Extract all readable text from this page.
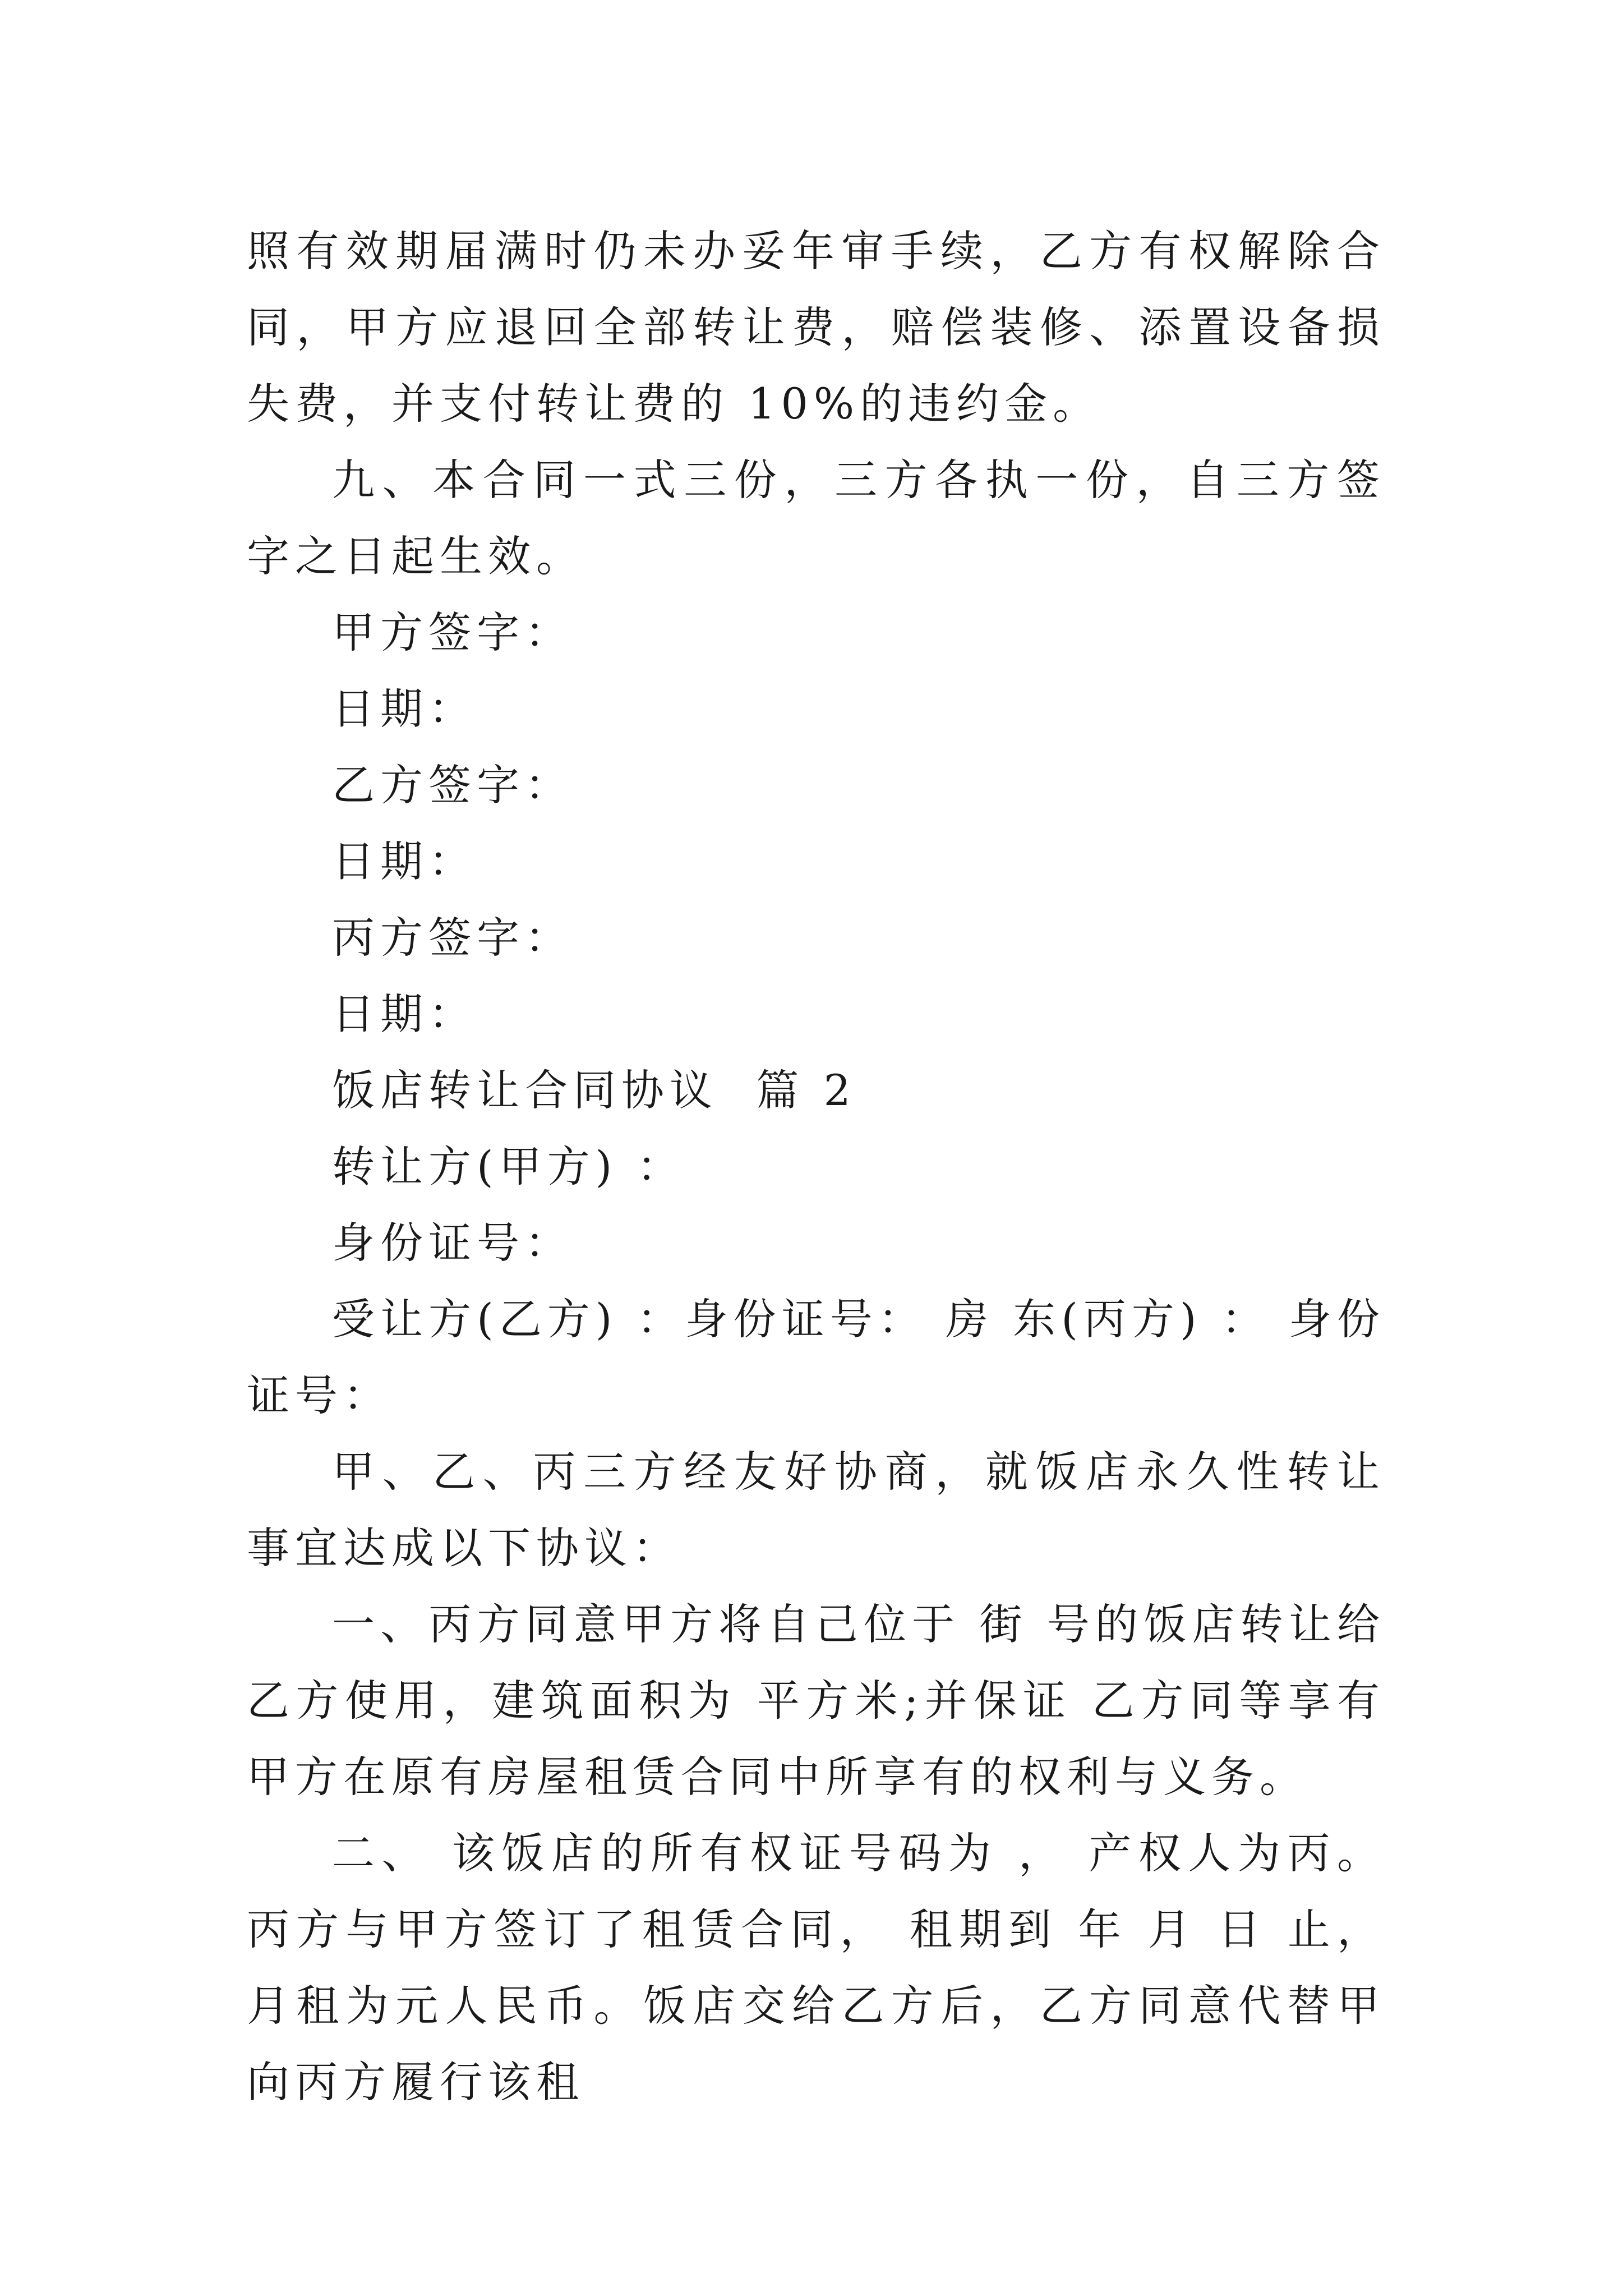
照有效期届满时仍未办妥年审手续，乙方有权解除合同，甲方应退回全部转让费，赔偿装修、添置设备损失费，并支付转让费的 10%的违约金。

九、本合同一式三份，三方各执一份，自三方签字之日起生效。

甲方签字：

日期：

乙方签字：

日期：

丙方签字：

日期：

饭店转让合同协议  篇 2

转让方(甲方) ：

身份证号：

受让方(乙方) ：身份证号： 房 东(丙方) ： 身份证号：

甲、乙、丙三方经友好协商，就饭店永久性转让事宜达成以下协议：

一、丙方同意甲方将自己位于 街 号的饭店转让给乙方使用，建筑面积为 平方米;并保证 乙方同等享有甲方在原有房屋租赁合同中所享有的权利与义务。

二、 该饭店的所有权证号码为 ， 产权人为丙。 丙方与甲方签订了租赁合同， 租期到 年 月 日 止，月租为元人民币。饭店交给乙方后，乙方同意代替甲向丙方履行该租
